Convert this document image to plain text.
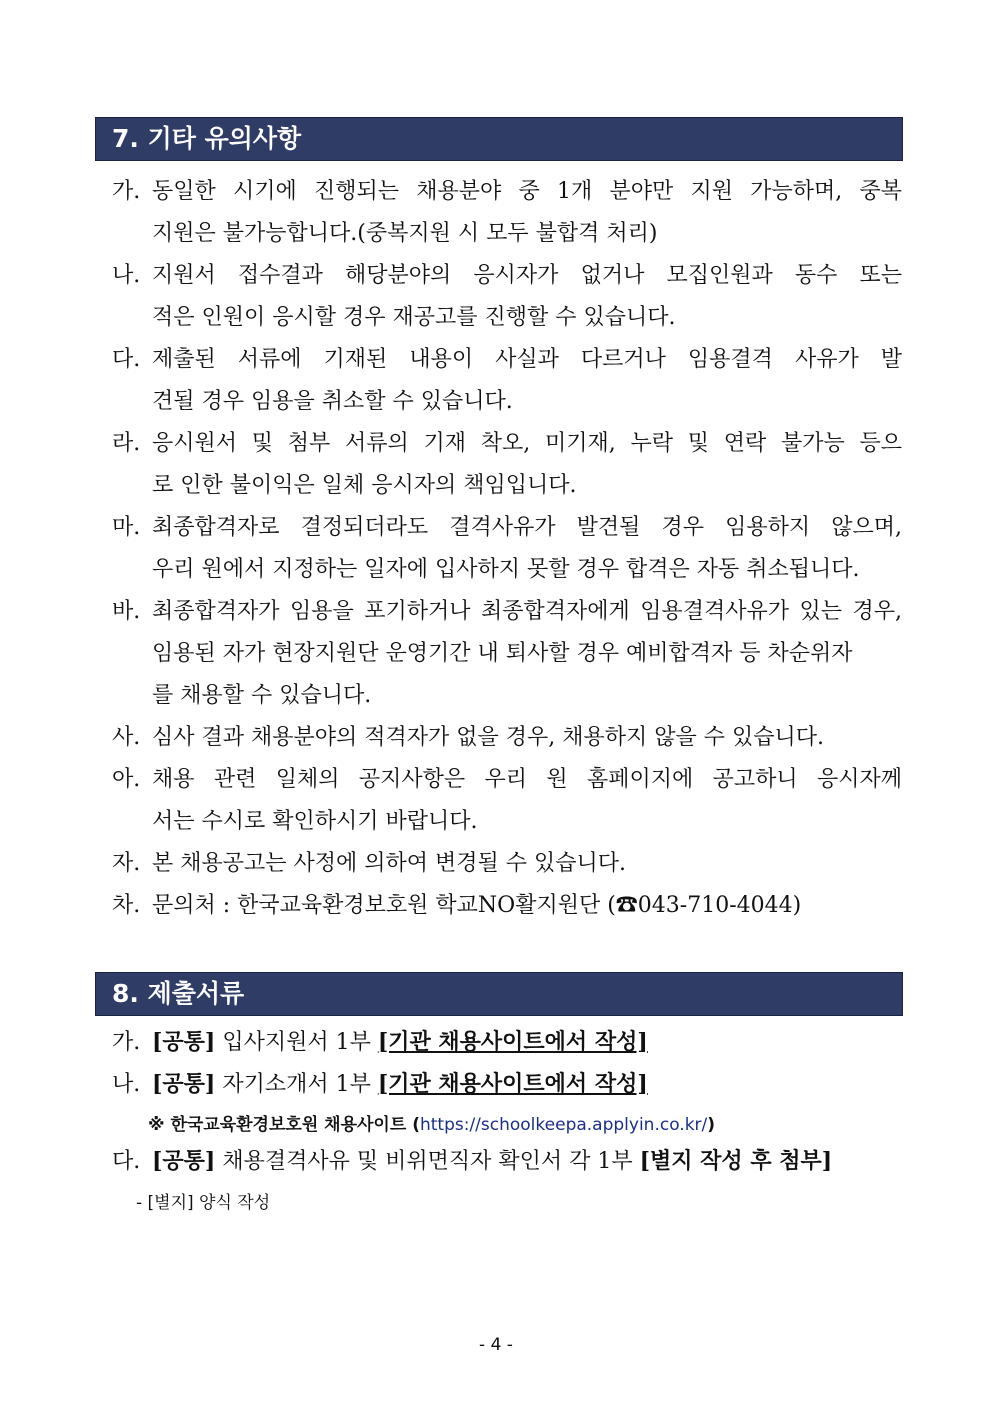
7. 기타 유의사항
가. 동일한 시기에 진행되는 채용분야 중 1개 분야만 지원 가능하며, 중복
지원은 불가능합니다.(중복지원 시 모두 불합격 처리)
나. 지원서 접수결과 해당분야의 응시자가 없거나 모집인원과 동수 또는
적은 인원이 응시할 경우 재공고를 진행할 수 있습니다.
다. 제출된 서류에 기재된 내용이 사실과 다르거나 임용결격 사유가 발
견될 경우 임용을 취소할 수 있습니다.
라. 응시원서 및 첨부 서류의 기재 착오, 미기재, 누락 및 연락 불가능 등으
로 인한 불이익은 일체 응시자의 책임입니다.
마. 최종합격자로 결정되더라도 결격사유가 발견될 경우 임용하지 않으며,
우리 원에서 지정하는 일자에 입사하지 못할 경우 합격은 자동 취소됩니다.
바. 최종합격자가 임용을 포기하거나 최종합격자에게 임용결격사유가 있는 경우,
임용된 자가 현장지원단 운영기간 내 퇴사할 경우 예비합격자 등 차순위자
를 채용할 수 있습니다.
사. 심사 결과 채용분야의 적격자가 없을 경우, 채용하지 않을 수 있습니다.
아. 채용 관련 일체의 공지사항은 우리 원 홈페이지에 공고하니 응시자께
서는 수시로 확인하시기 바랍니다.
자. 본 채용공고는 사정에 의하여 변경될 수 있습니다.
차. 문의처 : 한국교육환경보호원 학교NO활지원단 (☎043-710-4044)
8. 제출서류
가. [공통] 입사지원서 1부 [기관 채용사이트에서 작성]
나. [공통] 자기소개서 1부 [기관 채용사이트에서 작성]
※ 한국교육환경보호원 채용사이트 (https://schoolkeepa.applyin.co.kr/)
다. [공통] 채용결격사유 및 비위면직자 확인서 각 1부 [별지 작성 후 첨부]
- [별지] 양식 작성
- 4 -
